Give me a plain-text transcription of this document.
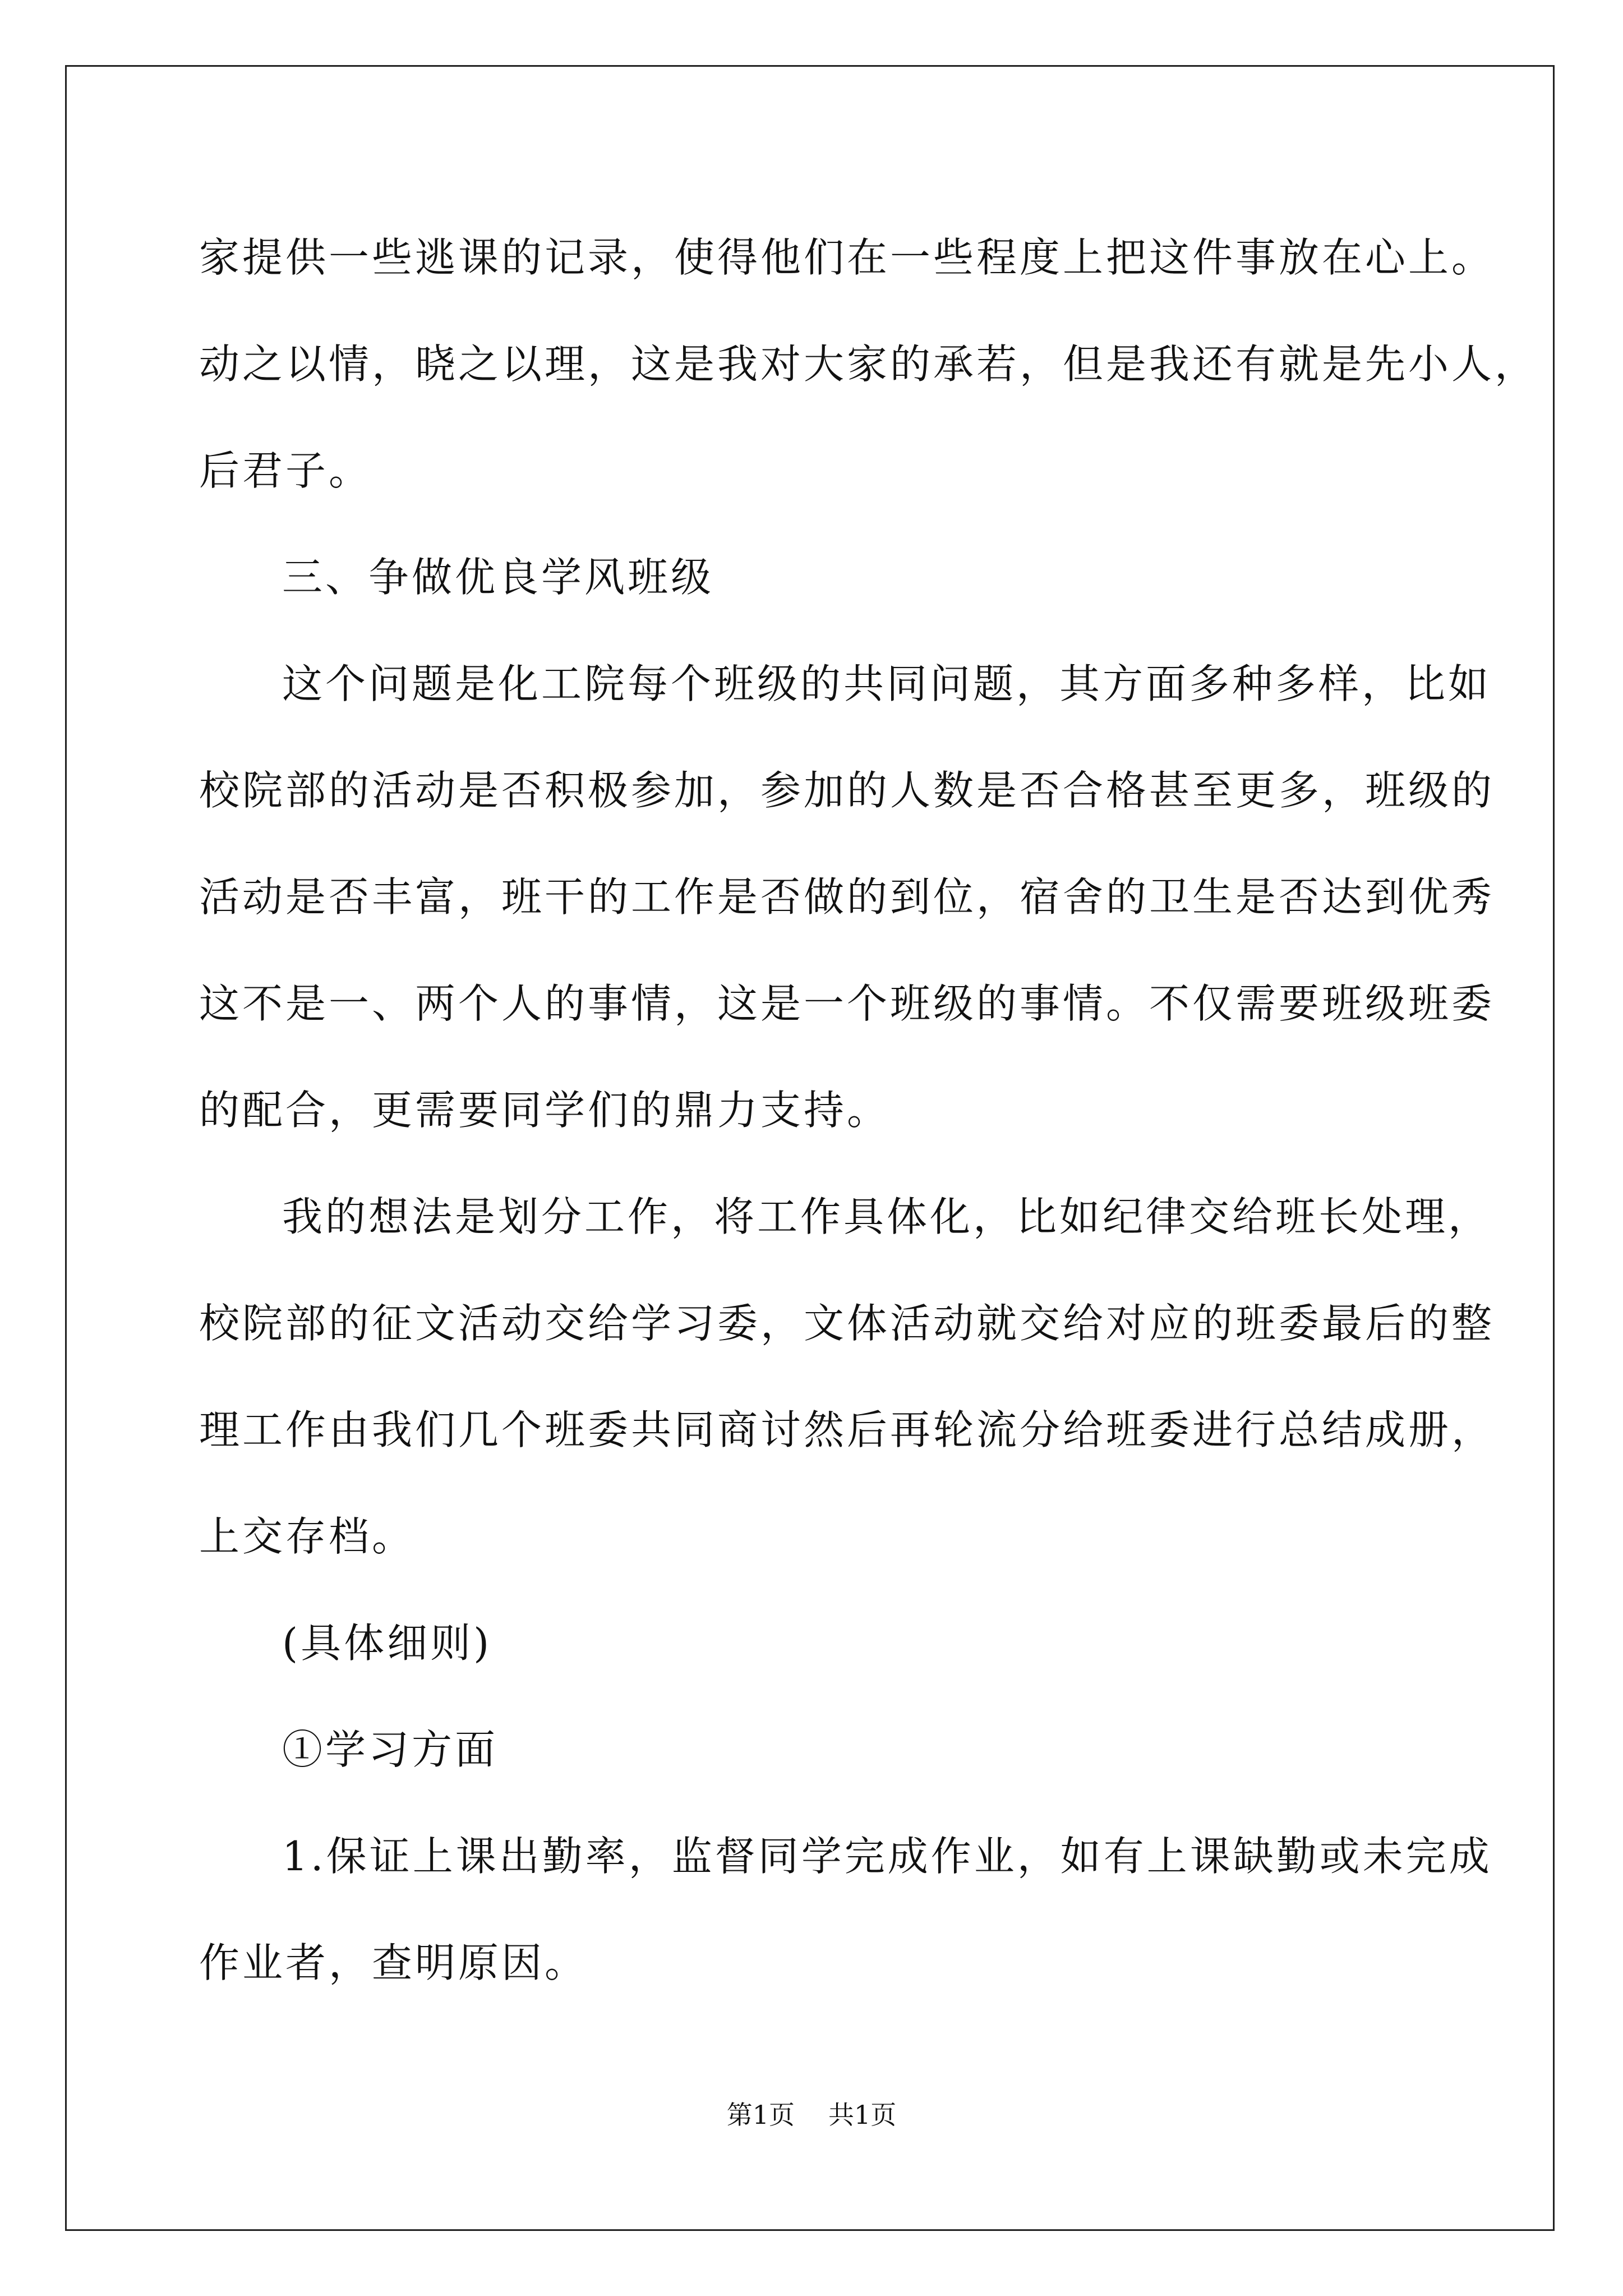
家提供一些逃课的记录，使得他们在一些程度上把这件事放在心上。
动之以情，晓之以理，这是我对大家的承若，但是我还有就是先小人，
后君子。
三、争做优良学风班级
这个问题是化工院每个班级的共同问题，其方面多种多样，比如
校院部的活动是否积极参加，参加的人数是否合格甚至更多，班级的
活动是否丰富，班干的工作是否做的到位，宿舍的卫生是否达到优秀
这不是一、两个人的事情，这是一个班级的事情。不仅需要班级班委
的配合，更需要同学们的鼎力支持。
我的想法是划分工作，将工作具体化，比如纪律交给班长处理，
校院部的征文活动交给学习委，文体活动就交给对应的班委最后的整
理工作由我们几个班委共同商讨然后再轮流分给班委进行总结成册，
上交存档。
(具体细则)
①学习方面
1.保证上课出勤率，监督同学完成作业，如有上课缺勤或未完成
作业者，查明原因。
第1页 共1页
